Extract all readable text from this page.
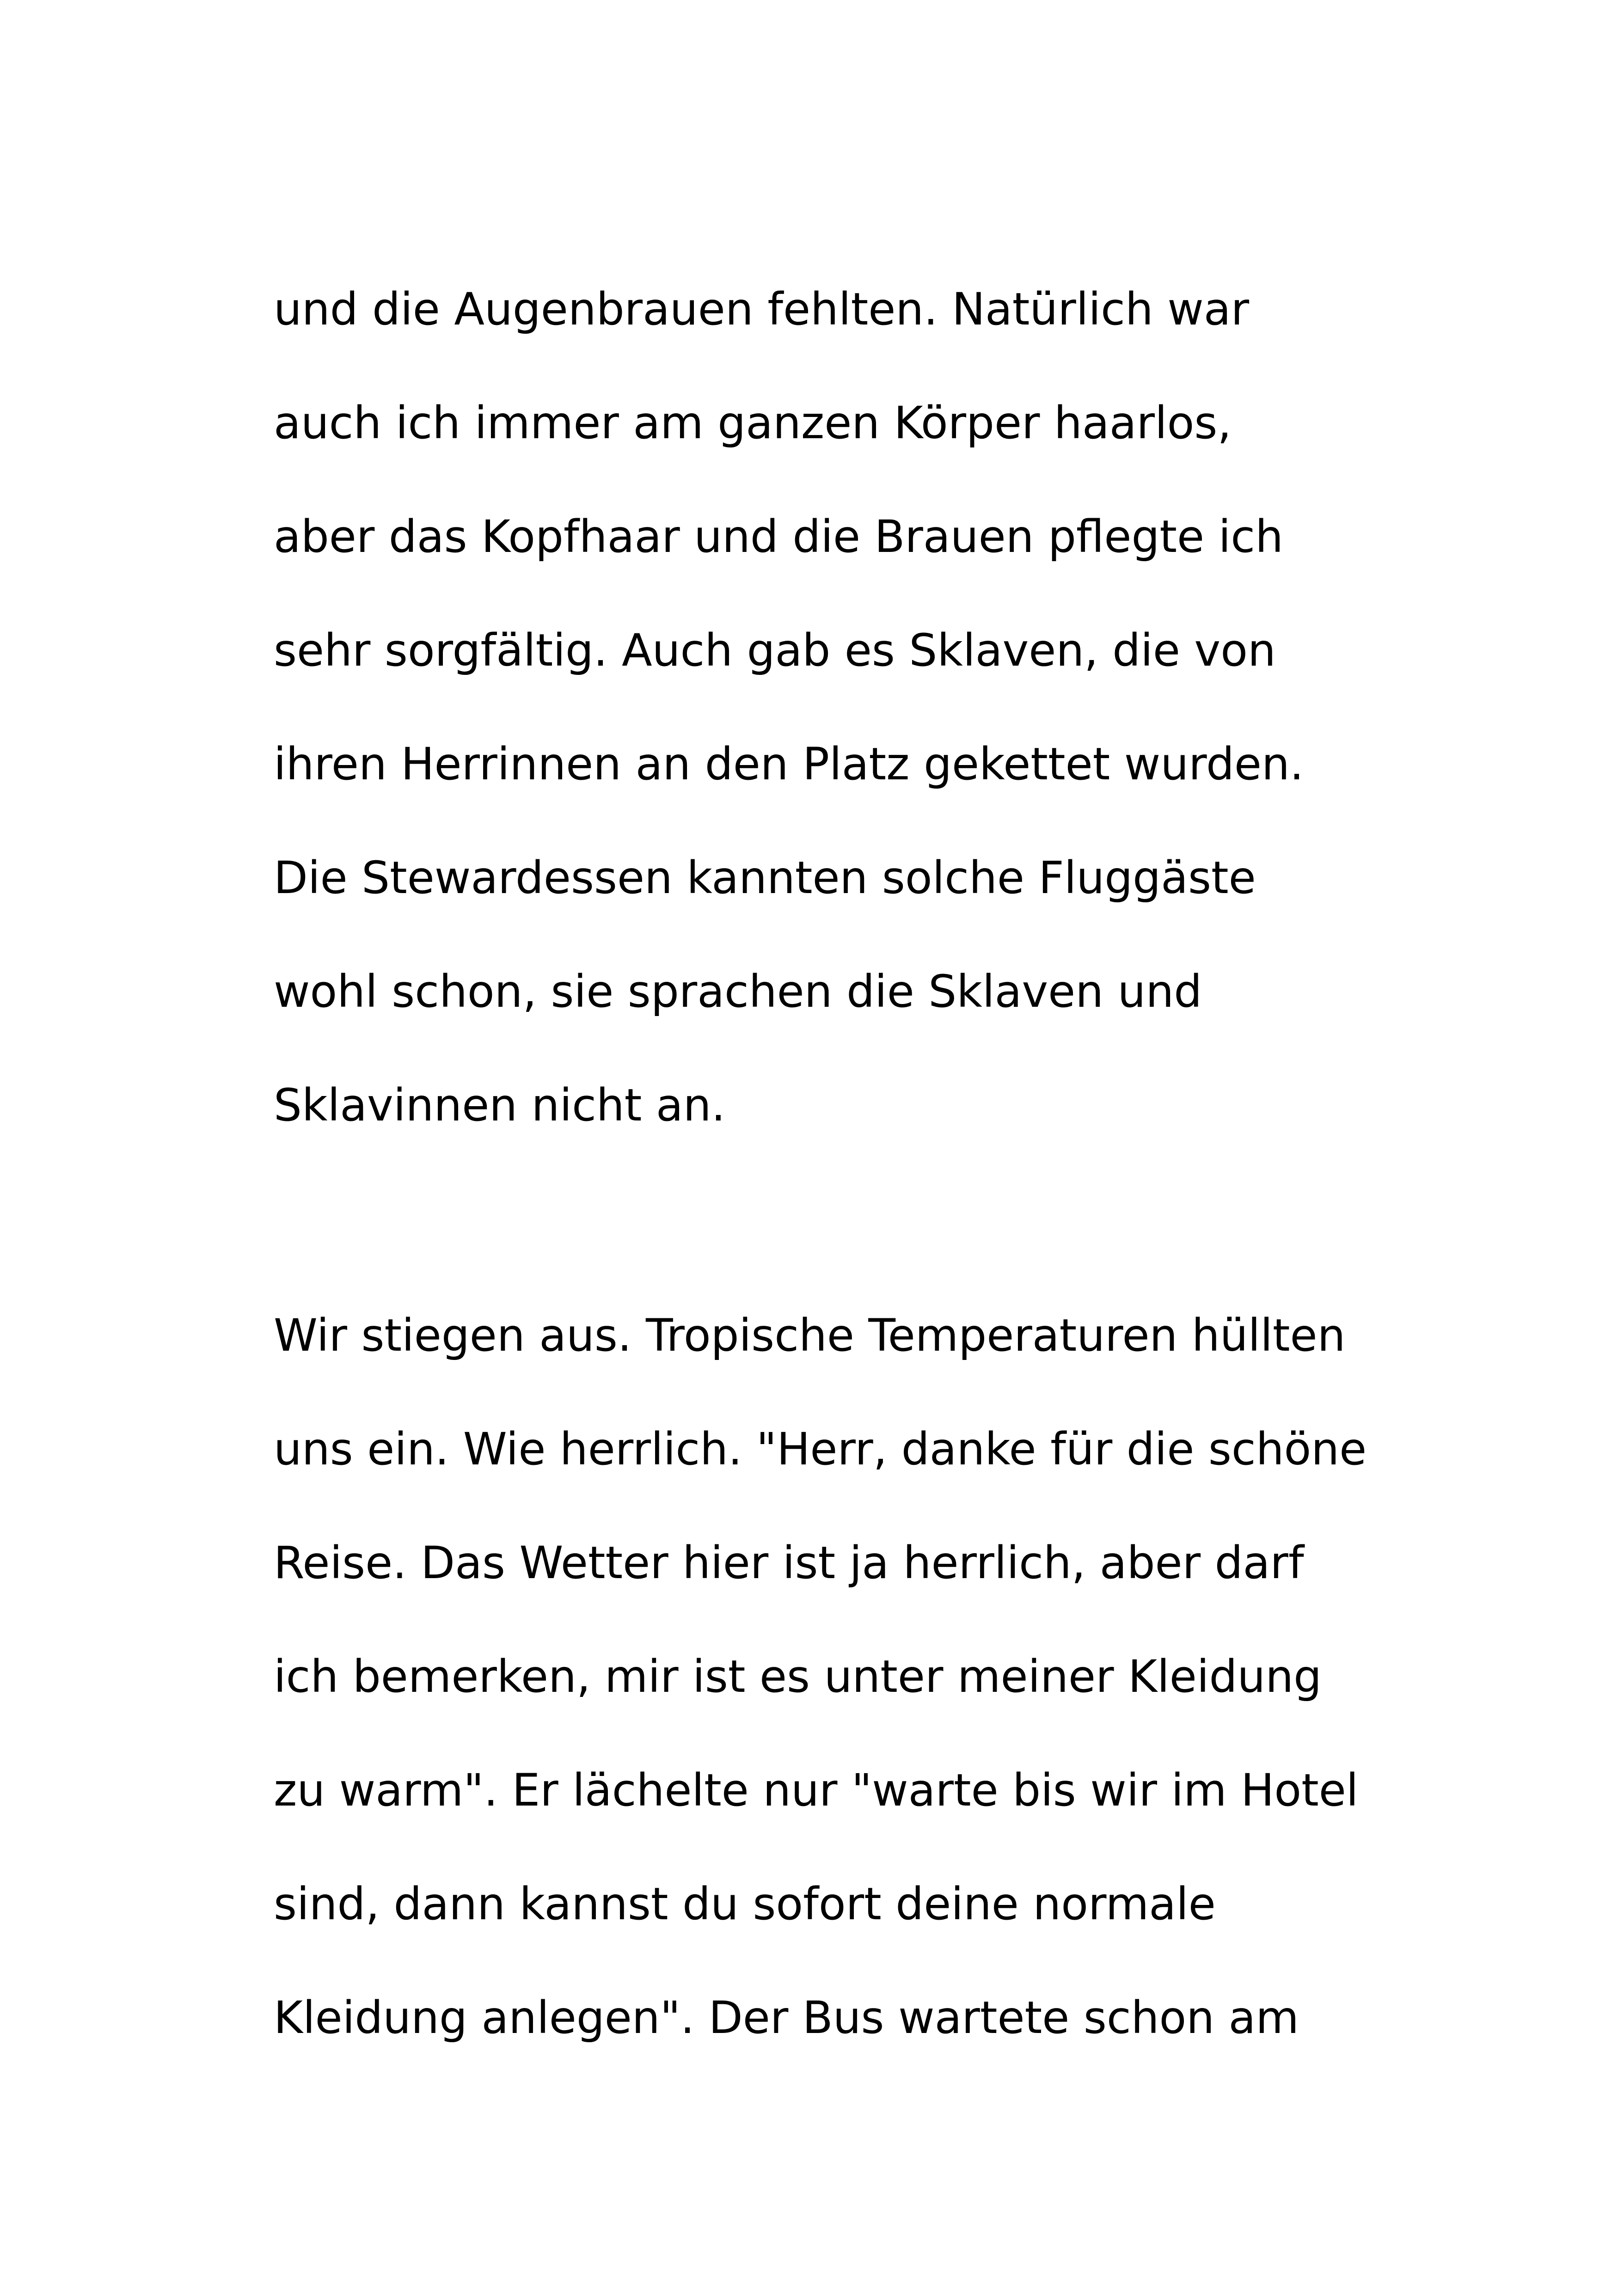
und die Augenbrauen fehlten. Natürlich war
auch ich immer am ganzen Körper haarlos,
aber das Kopfhaar und die Brauen pflegte ich
sehr sorgfältig. Auch gab es Sklaven, die von
ihren Herrinnen an den Platz gekettet wurden.
Die Stewardessen kannten solche Fluggäste
wohl schon, sie sprachen die Sklaven und
Sklavinnen nicht an.

Wir stiegen aus. Tropische Temperaturen hüllten
uns ein. Wie herrlich. "Herr, danke für die schöne
Reise. Das Wetter hier ist ja herrlich, aber darf
ich bemerken, mir ist es unter meiner Kleidung
zu warm". Er lächelte nur "warte bis wir im Hotel
sind, dann kannst du sofort deine normale
Kleidung anlegen". Der Bus wartete schon am
